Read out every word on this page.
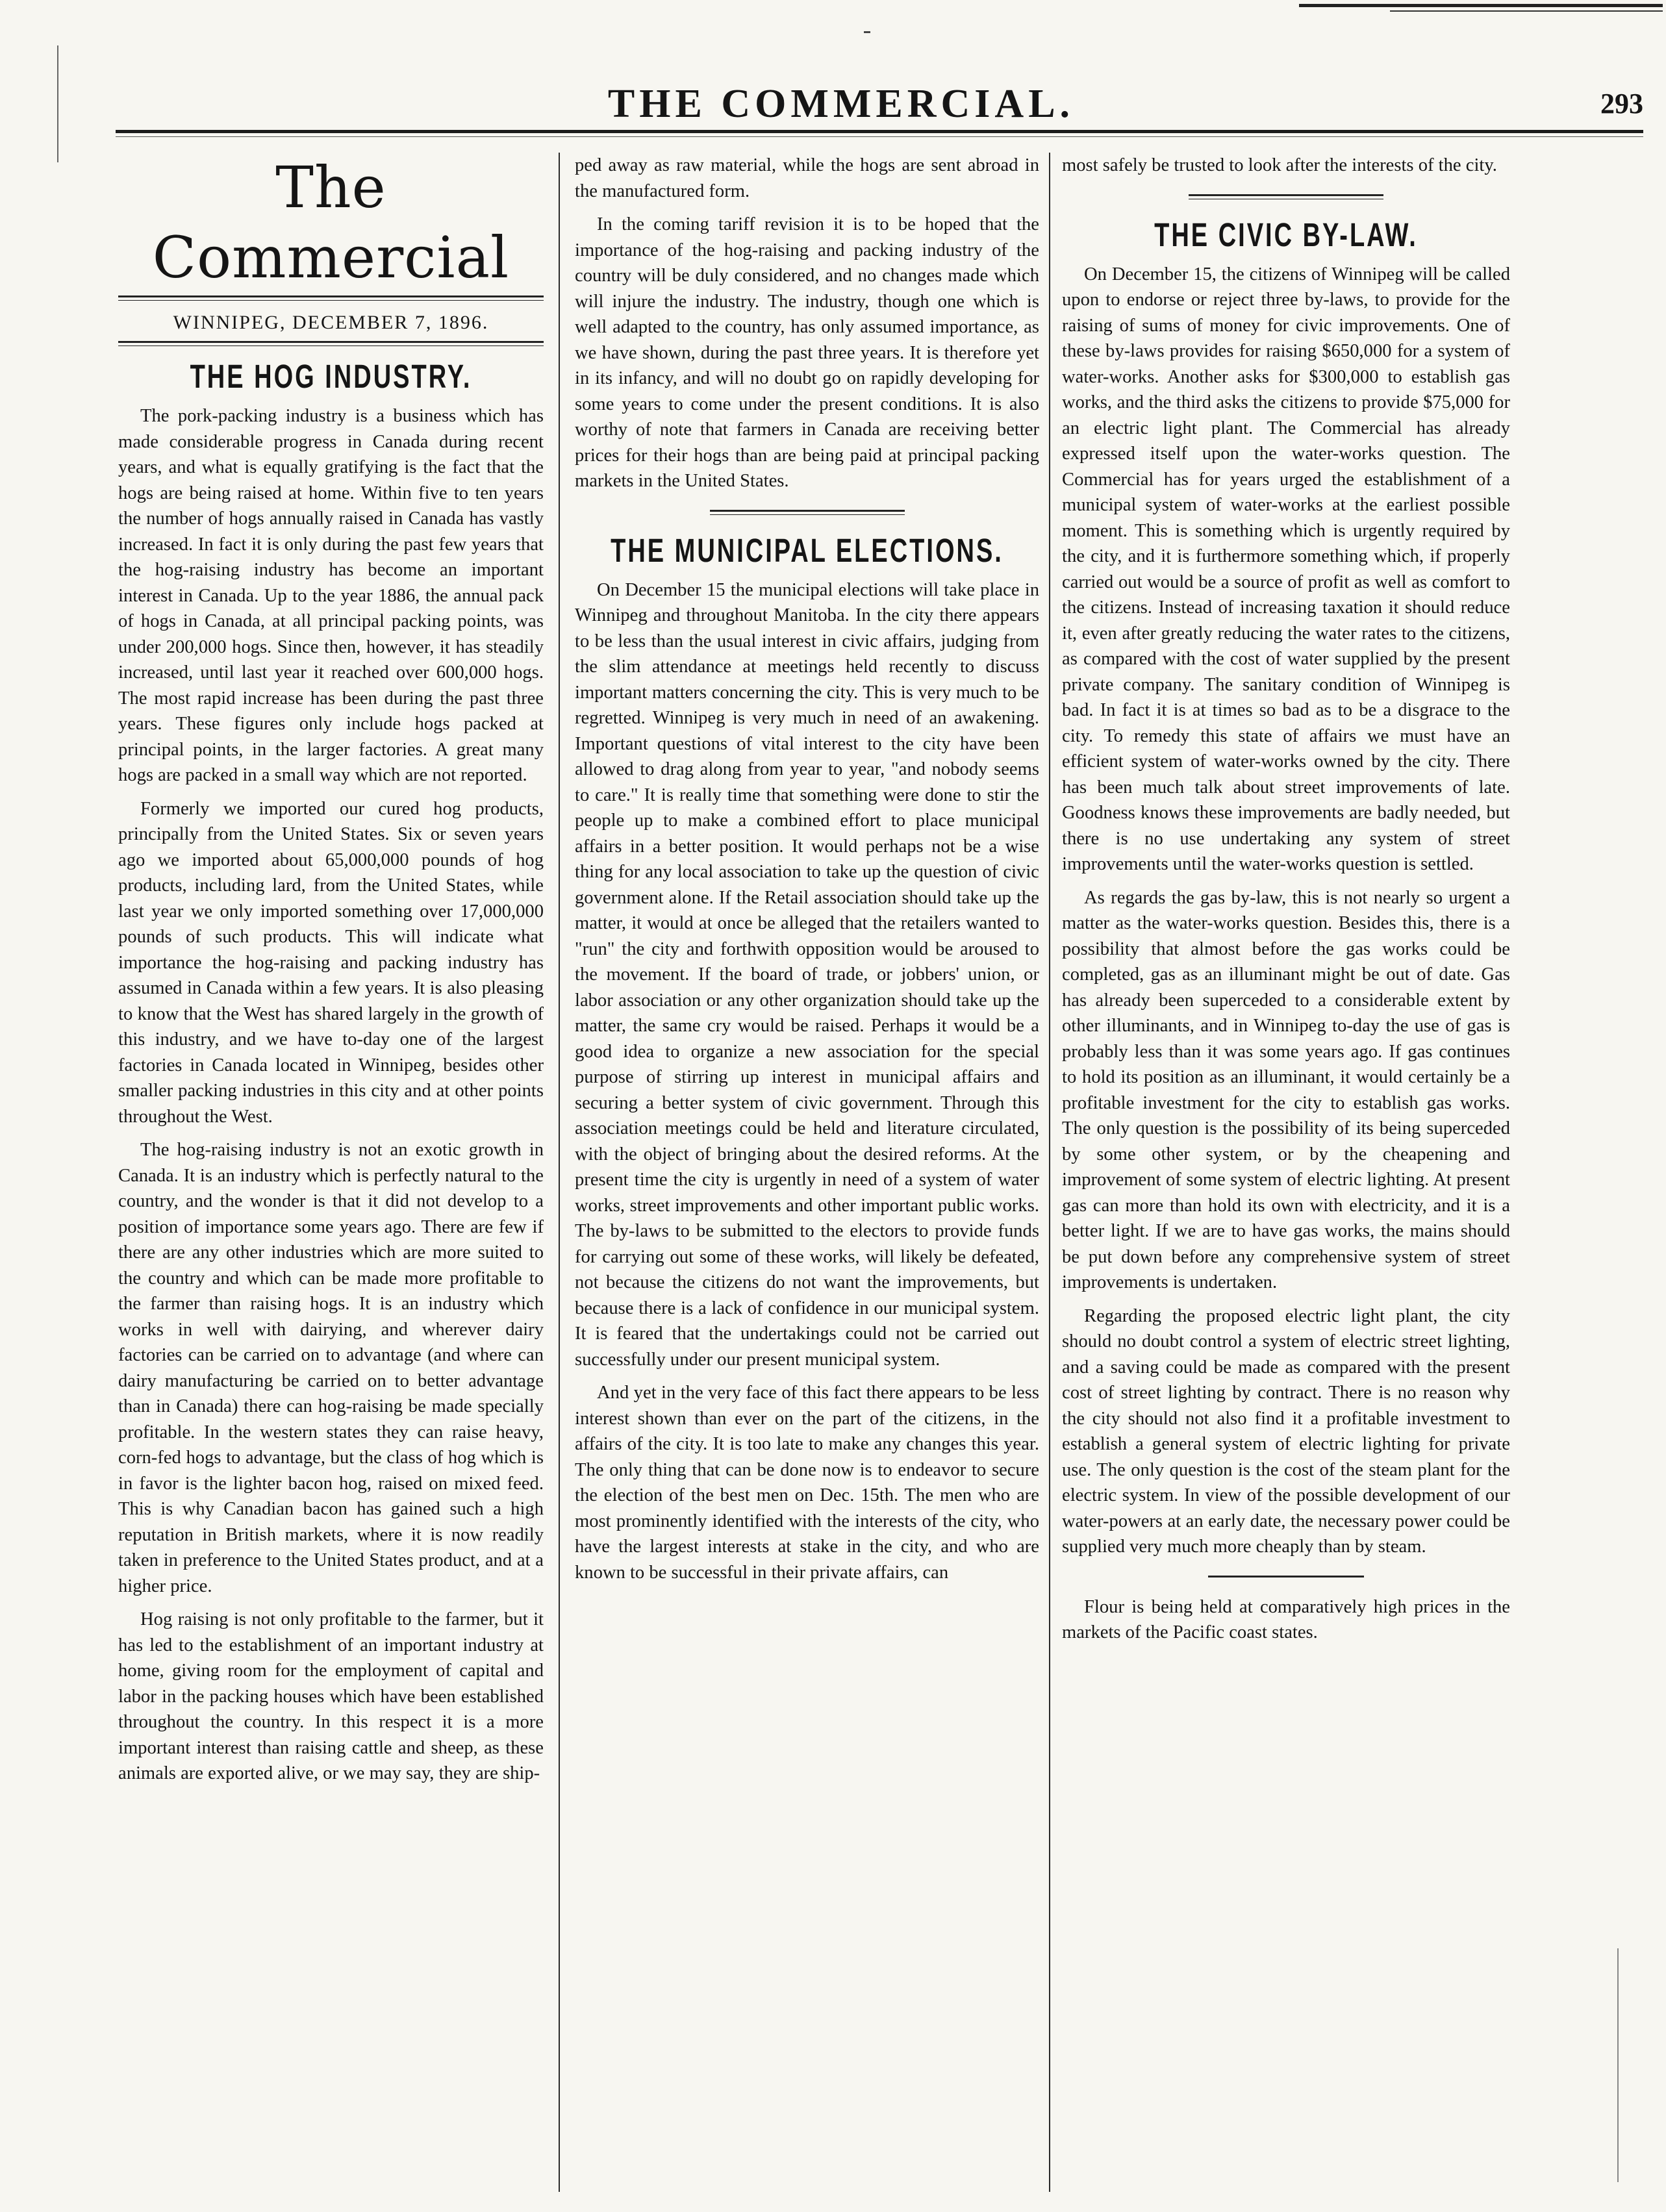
THE COMMERCIAL.	293
The Commercial
WINNIPEG, DECEMBER 7, 1896.
THE HOG INDUSTRY.

The pork-packing industry is a business which has made considerable progress in Canada during recent years, and what is equally gratifying is the fact that the hogs are being raised at home. Within five to ten years the number of hogs annually raised in Canada has vastly increased. In fact it is only during the past few years that the hog-raising industry has become an important interest in Canada. Up to the year 1886, the annual pack of hogs in Canada, at all principal packing points, was under 200,000 hogs. Since then, however, it has steadily increased, until last year it reached over 600,000 hogs. The most rapid increase has been during the past three years. These figures only include hogs packed at principal points, in the larger factories. A great many hogs are packed in a small way which are not reported.

Formerly we imported our cured hog products, principally from the United States. Six or seven years ago we imported about 65,000,000 pounds of hog products, including lard, from the United States, while last year we only imported something over 17,000,000 pounds of such products. This will indicate what importance the hog-raising and packing industry has assumed in Canada within a few years. It is also pleasing to know that the West has shared largely in the growth of this industry, and we have to-day one of the largest factories in Canada located in Winnipeg, besides other smaller packing industries in this city and at other points throughout the West.

The hog-raising industry is not an exotic growth in Canada. It is an industry which is perfectly natural to the country, and the wonder is that it did not develop to a position of importance some years ago. There are few if there are any other industries which are more suited to the country and which can be made more profitable to the farmer than raising hogs. It is an industry which works in well with dairying, and wherever dairy factories can be carried on to advantage (and where can dairy manufacturing be carried on to better advantage than in Canada) there can hog-raising be made specially profitable. In the western states they can raise heavy, corn-fed hogs to advantage, but the class of hog which is in favor is the lighter bacon hog, raised on mixed feed. This is why Canadian bacon has gained such a high reputation in British markets, where it is now readily taken in preference to the United States product, and at a higher price.

Hog raising is not only profitable to the farmer, but it has led to the establishment of an important industry at home, giving room for the employment of capital and labor in the packing houses which have been established throughout the country. In this respect it is a more important interest than raising cattle and sheep, as these animals are exported alive, or we may say, they are ship-

ped away as raw material, while the hogs are sent abroad in the manufactured form.

In the coming tariff revision it is to be hoped that the importance of the hog-raising and packing industry of the country will be duly considered, and no changes made which will injure the industry. The industry, though one which is well adapted to the country, has only assumed importance, as we have shown, during the past three years. It is therefore yet in its infancy, and will no doubt go on rapidly developing for some years to come under the present conditions. It is also worthy of note that farmers in Canada are receiving better prices for their hogs than are being paid at principal packing markets in the United States.

THE MUNICIPAL ELECTIONS.

On December 15 the municipal elections will take place in Winnipeg and throughout Manitoba. In the city there appears to be less than the usual interest in civic affairs, judging from the slim attendance at meetings held recently to discuss important matters concerning the city. This is very much to be regretted. Winnipeg is very much in need of an awakening. Important questions of vital interest to the city have been allowed to drag along from year to year, "and nobody seems to care." It is really time that something were done to stir the people up to make a combined effort to place municipal affairs in a better position. It would perhaps not be a wise thing for any local association to take up the question of civic government alone. If the Retail association should take up the matter, it would at once be alleged that the retailers wanted to "run" the city and forthwith opposition would be aroused to the movement. If the board of trade, or jobbers' union, or labor association or any other organization should take up the matter, the same cry would be raised. Perhaps it would be a good idea to organize a new association for the special purpose of stirring up interest in municipal affairs and securing a better system of civic government. Through this association meetings could be held and literature circulated, with the object of bringing about the desired reforms. At the present time the city is urgently in need of a system of water works, street improvements and other important public works. The by-laws to be submitted to the electors to provide funds for carrying out some of these works, will likely be defeated, not because the citizens do not want the improvements, but because there is a lack of confidence in our municipal system. It is feared that the undertakings could not be carried out successfully under our present municipal system.

And yet in the very face of this fact there appears to be less interest shown than ever on the part of the citizens, in the affairs of the city. It is too late to make any changes this year. The only thing that can be done now is to endeavor to secure the election of the best men on Dec. 15th. The men who are most prominently identified with the interests of the city, who have the largest interests at stake in the city, and who are known to be successful in their private affairs, can

most safely be trusted to look after the interests of the city.

THE CIVIC BY-LAW.

On December 15, the citizens of Winnipeg will be called upon to endorse or reject three by-laws, to provide for the raising of sums of money for civic improvements. One of these by-laws provides for raising $650,000 for a system of water-works. Another asks for $300,000 to establish gas works, and the third asks the citizens to provide $75,000 for an electric light plant. The Commercial has already expressed itself upon the water-works question. The Commercial has for years urged the establishment of a municipal system of water-works at the earliest possible moment. This is something which is urgently required by the city, and it is furthermore something which, if properly carried out would be a source of profit as well as comfort to the citizens. Instead of increasing taxation it should reduce it, even after greatly reducing the water rates to the citizens, as compared with the cost of water supplied by the present private company. The sanitary condition of Winnipeg is bad. In fact it is at times so bad as to be a disgrace to the city. To remedy this state of affairs we must have an efficient system of water-works owned by the city. There has been much talk about street improvements of late. Goodness knows these improvements are badly needed, but there is no use undertaking any system of street improvements until the water-works question is settled.

As regards the gas by-law, this is not nearly so urgent a matter as the water-works question. Besides this, there is a possibility that almost before the gas works could be completed, gas as an illuminant might be out of date. Gas has already been superceded to a considerable extent by other illuminants, and in Winnipeg to-day the use of gas is probably less than it was some years ago. If gas continues to hold its position as an illuminant, it would certainly be a profitable investment for the city to establish gas works. The only question is the possibility of its being superceded by some other system, or by the cheapening and improvement of some system of electric lighting. At present gas can more than hold its own with electricity, and it is a better light. If we are to have gas works, the mains should be put down before any comprehensive system of street improvements is undertaken.

Regarding the proposed electric light plant, the city should no doubt control a system of electric street lighting, and a saving could be made as compared with the present cost of street lighting by contract. There is no reason why the city should not also find it a profitable investment to establish a general system of electric lighting for private use. The only question is the cost of the steam plant for the electric system. In view of the possible development of our water-powers at an early date, the necessary power could be supplied very much more cheaply than by steam.

Flour is being held at comparatively high prices in the markets of the Pacific coast states.
